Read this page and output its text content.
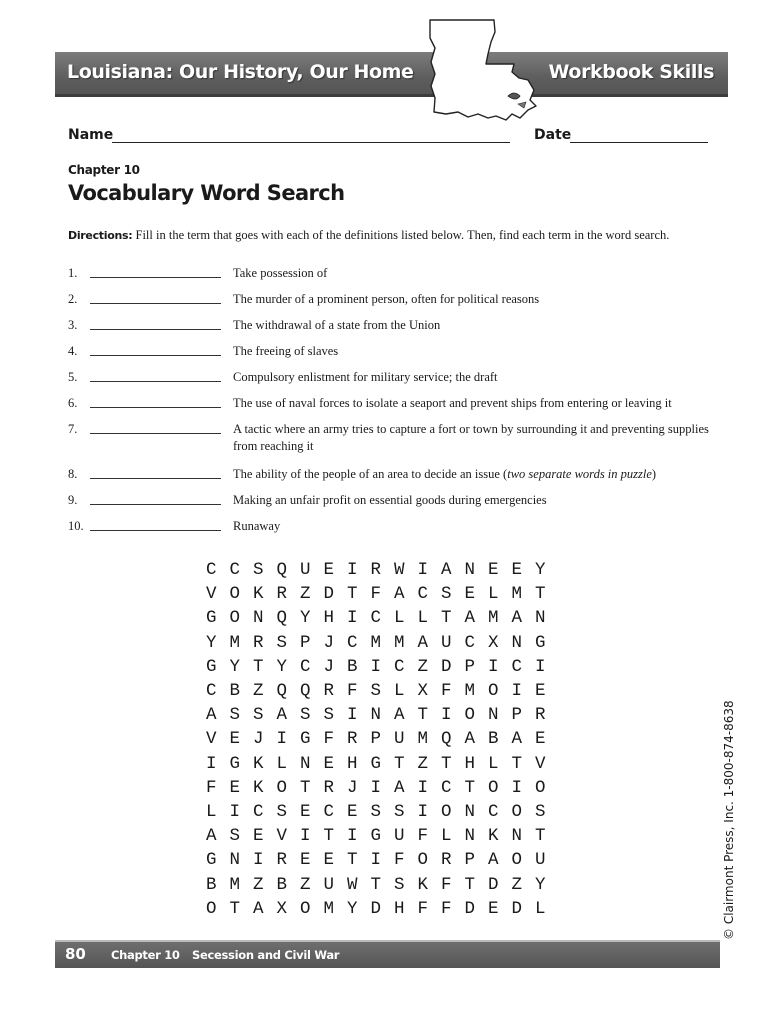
Louisiana: Our History, Our Home	Workbook Skills
Name	Date
Chapter 10
Vocabulary Word Search
Directions: Fill in the term that goes with each of the definitions listed below. Then, find each term in the word search.
1.	Take possession of
2.	The murder of a prominent person, often for political reasons
3.	The withdrawal of a state from the Union
4.	The freeing of slaves
5.	Compulsory enlistment for military service; the draft
6.	The use of naval forces to isolate a seaport and prevent ships from entering or leaving it
7.	A tactic where an army tries to capture a fort or town by surrounding it and preventing supplies from reaching it
8.	The ability of the people of an area to decide an issue (two separate words in puzzle)
9.	Making an unfair profit on essential goods during emergencies
10.	Runaway
C C S Q U E I R W I A N E E Y
V O K R Z D T F A C S E L M T
G O N Q Y H I C L L T A M A N
Y M R S P J C M M A U C X N G
G Y T Y C J B I C Z D P I C I
C B Z Q Q R F S L X F M O I E
A S S A S S I N A T I O N P R
V E J I G F R P U M Q A B A E
I G K L N E H G T Z T H L T V
F E K O T R J I A I C T O I O
L I C S E C E S S I O N C O S
A S E V I T I G U F L N K N T
G N I R E E T I F O R P A O U
B M Z B Z U W T S K F T D Z Y
O T A X O M Y D H F F D E D L	© Clairmont Press, Inc. 1-800-874-8638
80 Chapter 10 Secession and Civil War
